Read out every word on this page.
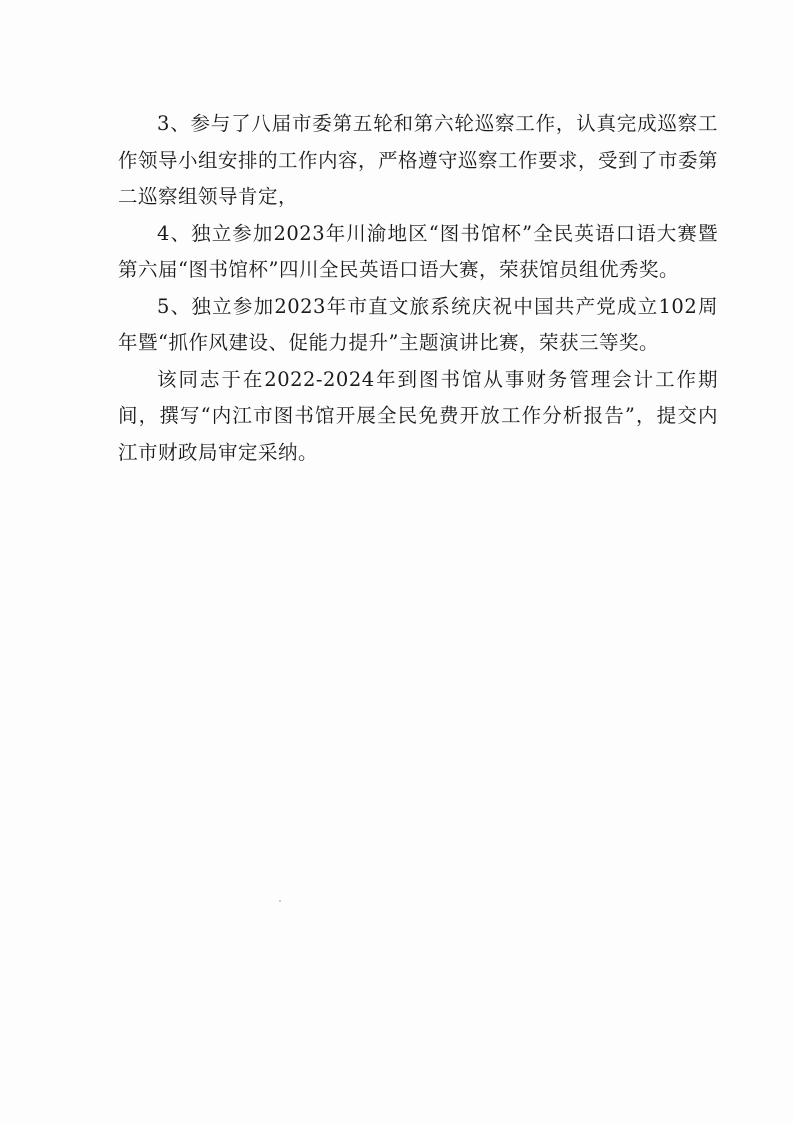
3、参与了八届市委第五轮和第六轮巡察工作，认真完成巡察工作领导小组安排的工作内容，严格遵守巡察工作要求，受到了市委第二巡察组领导肯定，

4、独立参加2023年川渝地区“图书馆杯”全民英语口语大赛暨第六届“图书馆杯”四川全民英语口语大赛，荣获馆员组优秀奖。

5、独立参加2023年市直文旅系统庆祝中国共产党成立102周年暨“抓作风建设、促能力提升”主题演讲比赛，荣获三等奖。

该同志于在2022-2024年到图书馆从事财务管理会计工作期间，撰写“内江市图书馆开展全民免费开放工作分析报告”，提交内江市财政局审定采纳。
